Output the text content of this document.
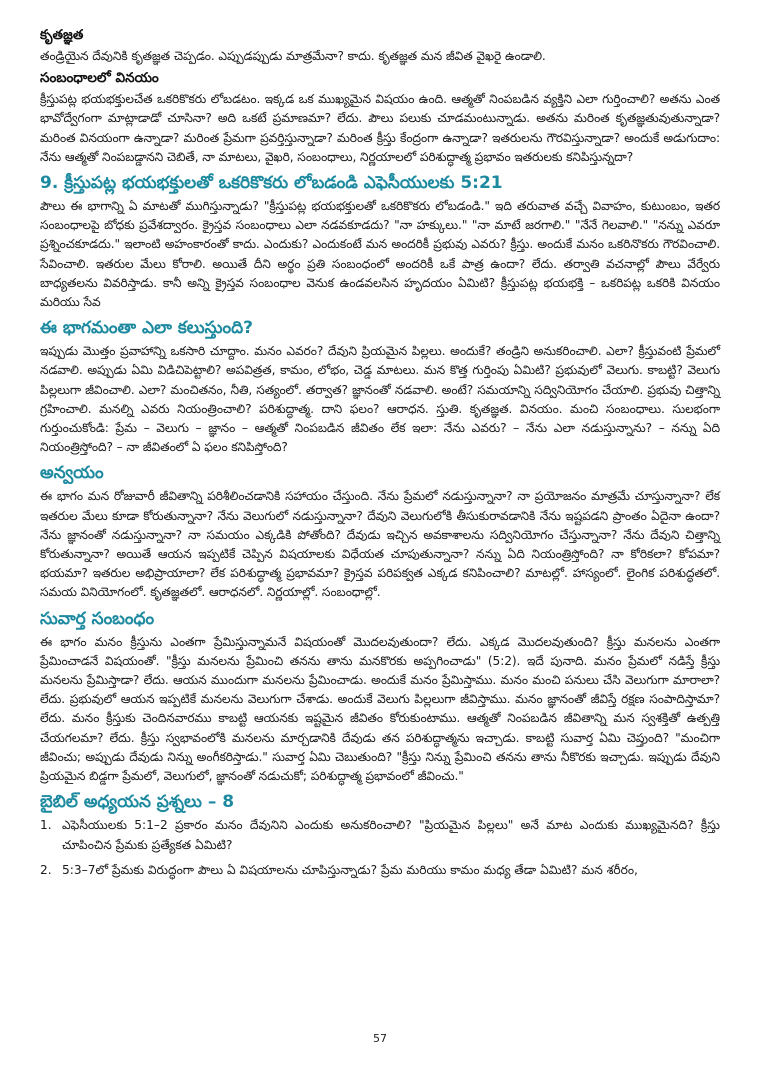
కృతజ్ఞత

తండ్రియైన దేవునికి కృతజ్ఞత చెప్పడం. ఎప్పుడప్పుడు మాత్రమేనా? కాదు. కృతజ్ఞత మన జీవిత వైఖరై ఉండాలి.

సంబంధాలలో వినయం

క్రీస్తుపట్ల భయభక్తులచేత ఒకరికొకరు లోబడటం. ఇక్కడ ఒక ముఖ్యమైన విషయం ఉంది. ఆత్మతో నింపబడిన వ్యక్తిని ఎలా గుర్తించాలి? అతను ఎంత భావోద్వేగంగా మాట్లాడాడో చూసినా? అది ఒకటే ప్రమాణమా? లేదు. పౌలు పలుకు చూడమంటున్నాడు. అతను మరింత కృతజ్ఞతువుతున్నాడా? మరింత వినయంగా ఉన్నాడా? మరింత ప్రేమగా ప్రవర్తిస్తున్నాడా? మరింత క్రీస్తు కేంద్రంగా ఉన్నాడా? ఇతరులను గౌరవిస్తున్నాడా? అందుకే అడుగుదాం: నేను ఆత్మతో నింపబడ్డానని చెబితే, నా మాటలు, వైఖరి, సంబంధాలు, నిర్ణయాలలో పరిశుద్ధాత్మ ప్రభావం ఇతరులకు కనిపిస్తున్నదా?

9. క్రీస్తుపట్ల భయభక్తులతో ఒకరికొకరు లోబడండి ఎఫెసీయులకు 5:21

పౌలు ఈ భాగాన్ని ఏ మాటతో ముగిస్తున్నాడు? "క్రీస్తుపట్ల భయభక్తులతో ఒకరికొకరు లోబడండి." ఇది తరువాత వచ్చే వివాహం, కుటుంబం, ఇతర సంబంధాలపై బోధకు ప్రవేశద్వారం. క్రైస్తవ సంబంధాలు ఎలా నడవకూడదు? "నా హక్కులు." "నా మాటే జరగాలి." "నేనే గెలవాలి." "నన్ను ఎవరూ ప్రశ్నించకూడదు." ఇలాంటి అహంకారంతో కాదు. ఎందుకు? ఎందుకంటే మన అందరికీ ప్రభువు ఎవరు? క్రీస్తు. అందుకే మనం ఒకరినొకరు గౌరవించాలి. సేవించాలి. ఇతరుల మేలు కోరాలి. అయితే దీని అర్థం ప్రతి సంబంధంలో అందరికీ ఒకే పాత్ర ఉందా? లేదు. తర్వాతి వచనాల్లో పౌలు వేర్వేరు బాధ్యతలను వివరిస్తాడు. కానీ అన్ని క్రైస్తవ సంబంధాల వెనుక ఉండవలసిన హృదయం ఏమిటి? క్రీస్తుపట్ల భయభక్తి – ఒకరిపట్ల ఒకరికి వినయం మరియు సేవ

ఈ భాగమంతా ఎలా కలుస్తుంది?

ఇప్పుడు మొత్తం ప్రవాహాన్ని ఒకసారి చూద్దాం. మనం ఎవరం? దేవుని ప్రియమైన పిల్లలు. అందుకే? తండ్రిని అనుకరించాలి. ఎలా? క్రీస్తువంటి ప్రేమలో నడవాలి. అప్పుడు ఏమి విడిచిపెట్టాలి? అపవిత్రత, కామం, లోభం, చెడ్డ మాటలు. మన కొత్త గుర్తింపు ఏమిటి? ప్రభువులో వెలుగు. కాబట్టి? వెలుగు పిల్లలుగా జీవించాలి. ఎలా? మంచితనం, నీతి, సత్యంలో. తర్వాత? జ్ఞానంతో నడవాలి. అంటే? సమయాన్ని సద్వినియోగం చేయాలి. ప్రభువు చిత్తాన్ని గ్రహించాలి. మనల్ని ఎవరు నియంత్రించాలి? పరిశుద్ధాత్మ. దాని ఫలం? ఆరాధన. స్తుతి. కృతజ్ఞత. వినయం. మంచి సంబంధాలు. సులభంగా గుర్తుంచుకోండి: ప్రేమ – వెలుగు – జ్ఞానం – ఆత్మతో నింపబడిన జీవితం లేక ఇలా: నేను ఎవరు? – నేను ఎలా నడుస్తున్నాను? – నన్ను ఏది నియంత్రిస్తోంది? – నా జీవితంలో ఏ ఫలం కనిపిస్తోంది?

అన్వయం

ఈ భాగం మన రోజువారీ జీవితాన్ని పరిశీలించడానికి సహాయం చేస్తుంది. నేను ప్రేమలో నడుస్తున్నానా? నా ప్రయోజనం మాత్రమే చూస్తున్నానా? లేక ఇతరుల మేలు కూడా కోరుతున్నానా? నేను వెలుగులో నడుస్తున్నానా? దేవుని వెలుగులోకి తీసుకురావడానికి నేను ఇష్టపడని ప్రాంతం ఏదైనా ఉందా? నేను జ్ఞానంతో నడుస్తున్నానా? నా సమయం ఎక్కడికి పోతోంది? దేవుడు ఇచ్చిన అవకాశాలను సద్వినియోగం చేస్తున్నానా? నేను దేవుని చిత్తాన్ని కోరుతున్నానా? అయితే ఆయన ఇప్పటికే చెప్పిన విషయాలకు విధేయత చూపుతున్నానా? నన్ను ఏది నియంత్రిస్తోంది? నా కోరికలా? కోపమా? భయమా? ఇతరుల అభిప్రాయాలా? లేక పరిశుద్ధాత్మ ప్రభావమా? క్రైస్తవ పరిపక్వత ఎక్కడ కనిపించాలి? మాటల్లో. హాస్యంలో. లైంగిక పరిశుద్ధతలో. సమయ వినియోగంలో. కృతజ్ఞతలో. ఆరాధనలో. నిర్ణయాల్లో. సంబంధాల్లో.

సువార్త సంబంధం

ఈ భాగం మనం క్రీస్తును ఎంతగా ప్రేమిస్తున్నామనే విషయంతో మొదలవుతుందా? లేదు. ఎక్కడ మొదలవుతుంది? క్రీస్తు మనలను ఎంతగా ప్రేమించాడనే విషయంతో. "క్రీస్తు మనలను ప్రేమించి తనను తాను మనకొరకు అప్పగించాడు" (5:2). ఇదే పునాది. మనం ప్రేమలో నడిస్తే క్రీస్తు మనలను ప్రేమిస్తాడా? లేదు. ఆయన ముందుగా మనలను ప్రేమించాడు. అందుకే మనం ప్రేమిస్తాము. మనం మంచి పనులు చేసి వెలుగుగా మారాలా? లేదు. ప్రభువులో ఆయన ఇప్పటికే మనలను వెలుగుగా చేశాడు. అందుకే వెలుగు పిల్లలుగా జీవిస్తాము. మనం జ్ఞానంతో జీవిస్తే రక్షణ సంపాదిస్తామా? లేదు. మనం క్రీస్తుకు చెందినవారము కాబట్టి ఆయనకు ఇష్టమైన జీవితం కోరుకుంటాము. ఆత్మతో నింపబడిన జీవితాన్ని మన స్వశక్తితో ఉత్పత్తి చేయగలమా? లేదు. క్రీస్తు స్వభావంలోకి మనలను మార్చడానికి దేవుడు తన పరిశుద్ధాత్మను ఇచ్చాడు. కాబట్టి సువార్త ఏమి చెప్తుంది? "మంచిగా జీవించు; అప్పుడు దేవుడు నిన్ను అంగీకరిస్తాడు." సువార్త ఏమి చెబుతుంది? "క్రీస్తు నిన్ను ప్రేమించి తనను తాను నీకొరకు ఇచ్చాడు. ఇప్పుడు దేవుని ప్రియమైన బిడ్డగా ప్రేమలో, వెలుగులో, జ్ఞానంతో నడుచుకో; పరిశుద్ధాత్మ ప్రభావంలో జీవించు."

బైబిల్ అధ్యయన ప్రశ్నలు – 8
1. ఎఫెసీయులకు 5:1–2 ప్రకారం మనం దేవునిని ఎందుకు అనుకరించాలి? "ప్రియమైన పిల్లలు" అనే మాట ఎందుకు ముఖ్యమైనది? క్రీస్తు చూపించిన ప్రేమకు ప్రత్యేకత ఏమిటి?
2. 5:3–7లో ప్రేమకు విరుద్ధంగా పౌలు ఏ విషయాలను చూపిస్తున్నాడు? ప్రేమ మరియు కామం మధ్య తేడా ఏమిటి? మన శరీరం,
57
